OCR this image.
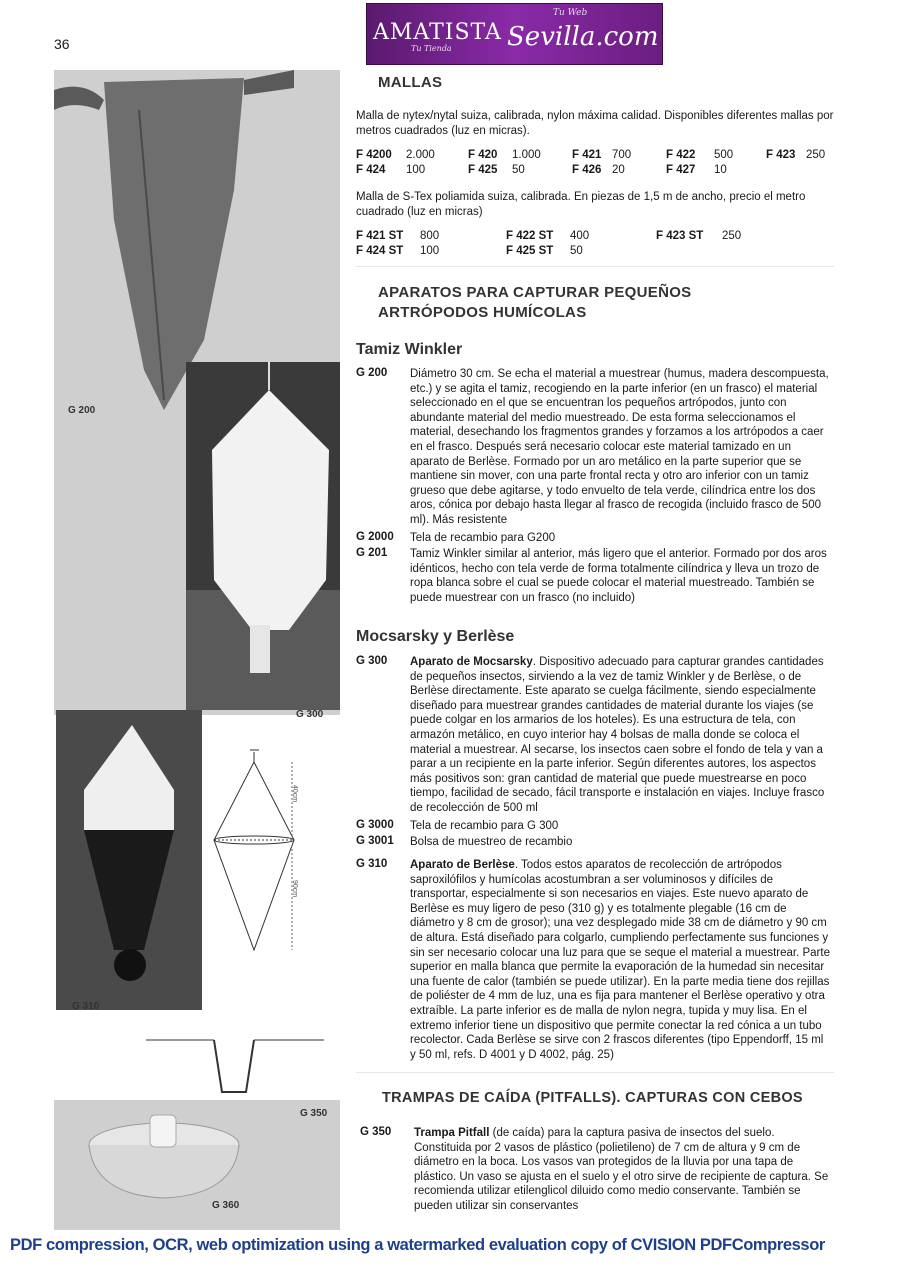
36	AMATISTA Sevilla.com
Tu Web
Tu Tienda
G 350
G 200
G 300
G 310
G 360
40cm
90cm
MALLAS
Malla de nytex/nytal suiza, calibrada, nylon máxima calidad. Disponibles diferentes mallas por metros cuadrados (luz en micras).
F 4200	2.000	F 420	1.000	F 421	700	F 422	500	F 423	250
F 424	100	F 425	50	F 426	20	F 427	10		
Malla de S-Tex poliamida suiza, calibrada. En piezas de 1,5 m de ancho, precio el metro cuadrado (luz en micras)
F 421 ST	800	F 422 ST	400	F 423 ST	250
F 424 ST	100	F 425 ST	50		
APARATOS PARA CAPTURAR PEQUEÑOS
ARTRÓPODOS HUMÍCOLAS
Tamiz Winkler
G 200 Diámetro 30 cm. Se echa el material a muestrear (humus, madera descompuesta, etc.) y se agita el tamiz, recogiendo en la parte inferior (en un frasco) el material seleccionado en el que se encuentran los pequeños artrópodos, junto con abundante material del medio muestreado. De esta forma seleccionamos el material, desechando los fragmentos grandes y forzamos a los artrópodos a caer en el frasco. Después será necesario colocar este material tamizado en un aparato de Berlèse. Formado por un aro metálico en la parte superior que se mantiene sin mover, con una parte frontal recta y otro aro inferior con un tamiz grueso que debe agitarse, y todo envuelto de tela verde, cilíndrica entre los dos aros, cónica por debajo hasta llegar al frasco de recogida (incluido frasco de 500 ml). Más resistente
G 2000 Tela de recambio para G200
G 201 Tamiz Winkler similar al anterior, más ligero que el anterior. Formado por dos aros idénticos, hecho con tela verde de forma totalmente cilíndrica y lleva un trozo de ropa blanca sobre el cual se puede colocar el material muestreado. También se puede muestrear con un frasco (no incluido)
Mocsarsky y Berlèse
G 300 Aparato de Mocsarsky. Dispositivo adecuado para capturar grandes cantidades de pequeños insectos, sirviendo a la vez de tamiz Winkler y de Berlèse, o de Berlèse directamente. Este aparato se cuelga fácilmente, siendo especialmente diseñado para muestrear grandes cantidades de material durante los viajes (se puede colgar en los armarios de los hoteles). Es una estructura de tela, con armazón metálico, en cuyo interior hay 4 bolsas de malla donde se coloca el material a muestrear. Al secarse, los insectos caen sobre el fondo de tela y van a parar a un recipiente en la parte inferior. Según diferentes autores, los aspectos más positivos son: gran cantidad de material que puede muestrearse en poco tiempo, facilidad de secado, fácil transporte e instalación en viajes. Incluye frasco de recolección de 500 ml
G 3000 Tela de recambio para G 300
G 3001 Bolsa de muestreo de recambio
G 310 Aparato de Berlèse. Todos estos aparatos de recolección de artrópodos saproxilófilos y humícolas acostumbran a ser voluminosos y difíciles de transportar, especialmente si son necesarios en viajes. Este nuevo aparato de Berlèse es muy ligero de peso (310 g) y es totalmente plegable (16 cm de diámetro y 8 cm de grosor); una vez desplegado mide 38 cm de diámetro y 90 cm de altura. Está diseñado para colgarlo, cumpliendo perfectamente sus funciones y sin ser necesario colocar una luz para que se seque el material a muestrear. Parte superior en malla blanca que permite la evaporación de la humedad sin necesitar una fuente de calor (también se puede utilizar). En la parte media tiene dos rejillas de poliéster de 4 mm de luz, una es fija para mantener el Berlèse operativo y otra extraíble. La parte inferior es de malla de nylon negra, tupida y muy lisa. En el extremo inferior tiene un dispositivo que permite conectar la red cónica a un tubo recolector. Cada Berlèse se sirve con 2 frascos diferentes (tipo Eppendorff, 15 ml y 50 ml, refs. D 4001 y D 4002, pág. 25)
TRAMPAS DE CAÍDA (PITFALLS). CAPTURAS CON CEBOS
G 350 Trampa Pitfall (de caída) para la captura pasiva de insectos del suelo. Constituida por 2 vasos de plástico (polietileno) de 7 cm de altura y 9 cm de diámetro en la boca. Los vasos van protegidos de la lluvia por una tapa de plástico. Un vaso se ajusta en el suelo y el otro sirve de recipiente de captura. Se recomienda utilizar etilenglicol diluido como medio conservante. También se pueden utilizar sin conservantes
PDF compression, OCR, web optimization using a watermarked evaluation copy of CVISION PDFCompressor
